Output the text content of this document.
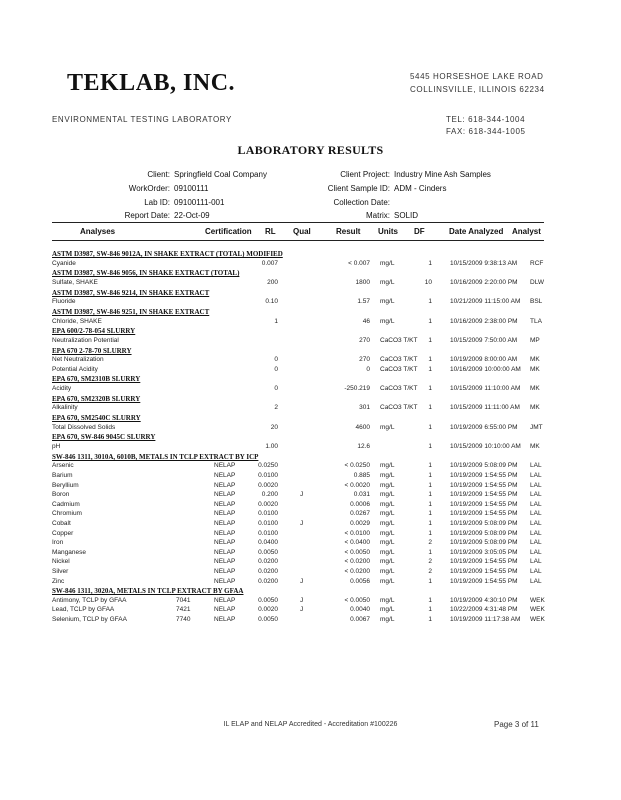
TEKLAB, INC.	5445 HORSESHOE LAKE ROAD
COLLINSVILLE, ILLINOIS 62234
ENVIRONMENTAL TESTING LABORATORY	TEL: 618-344-1004
FAX: 618-344-1005
LABORATORY RESULTS
Client: Springfield Coal Company
WorkOrder: 09100111
Lab ID: 09100111-001
Report Date: 22-Oct-09
Client Project: Industry Mine Ash Samples
Client Sample ID: ADM - Cinders
Collection Date:
Matrix: SOLID
Analyses	Certification RL Qual	Result Units DF	Date Analyzed Analyst
ASTM D3987, SW-846 9012A, IN SHAKE EXTRACT (TOTAL) MODIFIED
Cyanide	0.007	< 0.007 mg/L	1	10/15/2009 9:38:13 AM RCF
ASTM D3987, SW-846 9056, IN SHAKE EXTRACT (TOTAL)
Sulfate, SHAKE	200	1800 mg/L	10	10/16/2009 2:20:00 PM DLW
ASTM D3987, SW-846 9214, IN SHAKE EXTRACT
Fluoride	0.10	1.57 mg/L	1	10/21/2009 11:15:00 AM BSL
ASTM D3987, SW-846 9251, IN SHAKE EXTRACT
Chloride, SHAKE	1	46 mg/L	1	10/16/2009 2:38:00 PM TLA
EPA 600/2-78-054 SLURRY
Neutralization Potential	270 CaCO3 T/KT	1	10/15/2009 7:50:00 AM MP
EPA 670 2-78-70 SLURRY
Net Neutralization	0	270 CaCO3 T/KT	1	10/19/2009 8:00:00 AM MK
Potential Acidity	0	0 CaCO3 T/KT	1	10/16/2009 10:00:00 AM MK
EPA 670, SM2310B SLURRY
Acidity	0	-250.219 CaCO3 T/KT	1	10/15/2009 11:10:00 AM MK
EPA 670, SM2320B SLURRY
Alkalinity	2	301 CaCO3 T/KT	1	10/15/2009 11:11:00 AM MK
EPA 670, SM2540C SLURRY
Total Dissolved Solids	20	4600 mg/L	1	10/19/2009 6:55:00 PM JMT
EPA 670, SW-846 9045C SLURRY
pH	1.00	12.6	1	10/15/2009 10:10:00 AM MK
SW-846 1311, 3010A, 6010B, METALS IN TCLP EXTRACT BY ICP
Arsenic	NELAP	0.0250	< 0.0250 mg/L	1	10/19/2009 5:08:09 PM LAL
Barium	NELAP	0.0100	0.885 mg/L	1	10/19/2009 1:54:55 PM LAL
Beryllium	NELAP	0.0020	< 0.0020 mg/L	1	10/19/2009 1:54:55 PM LAL
Boron	NELAP	0.200	J	0.031 mg/L	1	10/19/2009 1:54:55 PM LAL
Cadmium	NELAP	0.0020	0.0006 mg/L	1	10/19/2009 1:54:55 PM LAL
Chromium	NELAP	0.0100	0.0267 mg/L	1	10/19/2009 1:54:55 PM LAL
Cobalt	NELAP	0.0100	J	0.0029 mg/L	1	10/19/2009 5:08:09 PM LAL
Copper	NELAP	0.0100	< 0.0100 mg/L	1	10/19/2009 5:08:09 PM LAL
Iron	NELAP	0.0400	< 0.0400 mg/L	2	10/19/2009 5:08:09 PM LAL
Manganese	NELAP	0.0050	< 0.0050 mg/L	1	10/19/2009 3:05:05 PM LAL
Nickel	NELAP	0.0200	< 0.0200 mg/L	2	10/19/2009 1:54:55 PM LAL
Silver	NELAP	0.0200	< 0.0200 mg/L	2	10/19/2009 1:54:55 PM LAL
Zinc	NELAP	0.0200	J	0.0056 mg/L	1	10/19/2009 1:54:55 PM LAL
SW-846 1311, 3020A, METALS IN TCLP EXTRACT BY GFAA
Antimony, TCLP by GFAA	7041	NELAP	0.0050	J	< 0.0050 mg/L	1	10/19/2009 4:30:10 PM WEK
Lead, TCLP by GFAA	7421	NELAP	0.0020	J	0.0040 mg/L	1	10/22/2009 4:31:48 PM WEK
Selenium, TCLP by GFAA	7740	NELAP	0.0050	0.0067 mg/L	1	10/19/2009 11:17:38 AM WEK
IL ELAP and NELAP Accredited - Accreditation #100226	Page 3 of 11
